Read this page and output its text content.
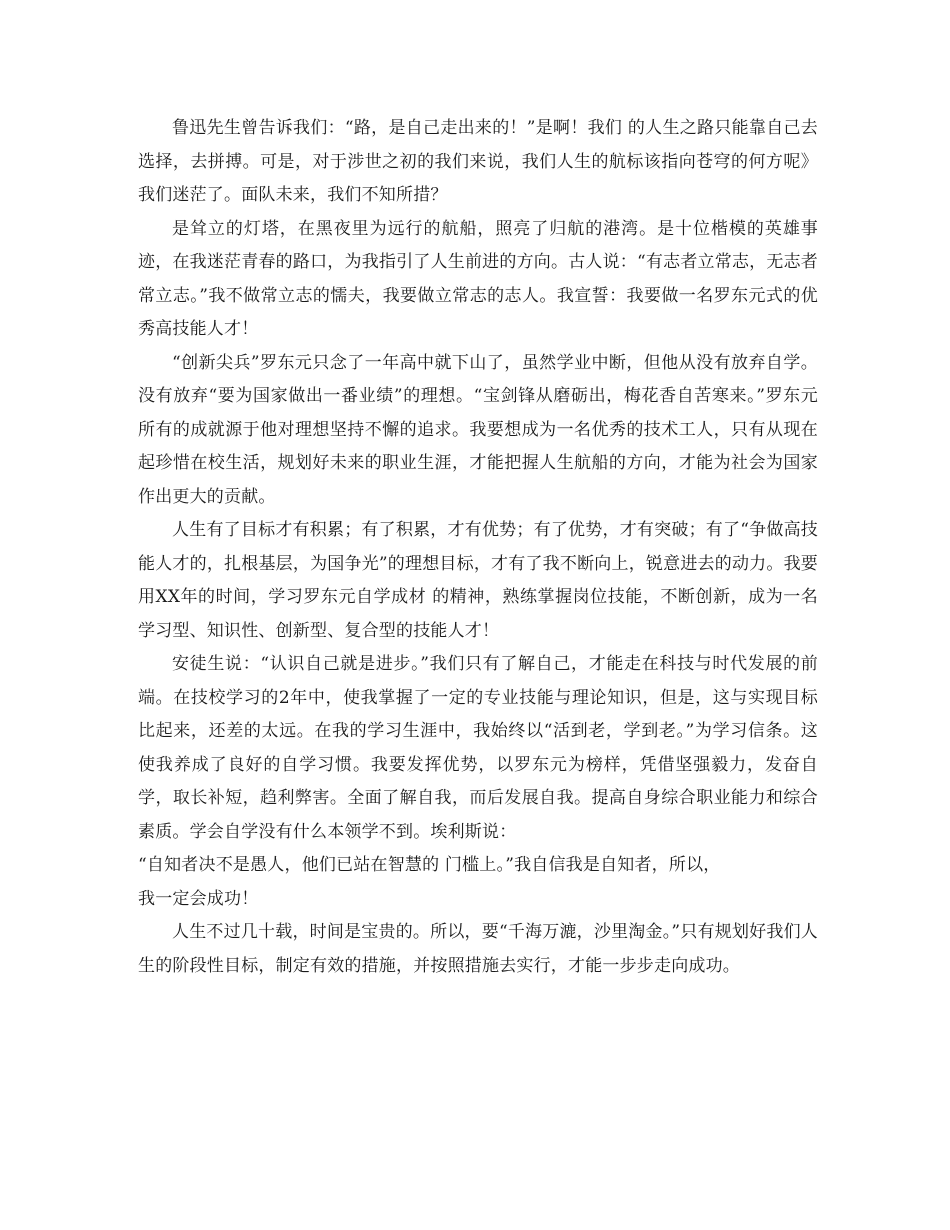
鲁迅先生曾告诉我们：“路，是自己走出来的！”是啊！我们 的人生之路只能靠自己去选择，去拼搏。可是，对于涉世之初的我们来说，我们人生的航标该指向苍穹的何方呢》我们迷茫了。面队未来，我们不知所措？

是耸立的灯塔，在黑夜里为远行的航船，照亮了归航的港湾。是十位楷模的英雄事迹，在我迷茫青春的路口，为我指引了人生前进的方向。古人说：“有志者立常志，无志者常立志。”我不做常立志的懦夫，我要做立常志的志人。我宣誓：我要做一名罗东元式的优秀高技能人才！

“创新尖兵”罗东元只念了一年高中就下山了，虽然学业中断，但他从没有放弃自学。没有放弃“要为国家做出一番业绩”的理想。“宝剑锋从磨砺出，梅花香自苦寒来。”罗东元所有的成就源于他对理想坚持不懈的追求。我要想成为一名优秀的技术工人，只有从现在起珍惜在校生活，规划好未来的职业生涯，才能把握人生航船的方向，才能为社会为国家作出更大的贡献。

人生有了目标才有积累；有了积累，才有优势；有了优势，才有突破；有了“争做高技能人才的，扎根基层，为国争光”的理想目标，才有了我不断向上，锐意进去的动力。我要用XX年的时间，学习罗东元自学成材 的精神，熟练掌握岗位技能，不断创新，成为一名学习型、知识性、创新型、复合型的技能人才！

安徒生说：“认识自己就是进步。”我们只有了解自己，才能走在科技与时代发展的前端。在技校学习的2年中，使我掌握了一定的专业技能与理论知识，但是，这与实现目标比起来，还差的太远。在我的学习生涯中，我始终以“活到老，学到老。”为学习信条。这使我养成了良好的自学习惯。我要发挥优势，以罗东元为榜样，凭借坚强毅力，发奋自学，取长补短，趋利弊害。全面了解自我，而后发展自我。提高自身综合职业能力和综合素质。学会自学没有什么本领学不到。埃利斯说：

“自知者决不是愚人，他们已站在智慧的 门槛上。”我自信我是自知者，所以，

我一定会成功！

人生不过几十载，时间是宝贵的。所以，要“千海万漉，沙里淘金。”只有规划好我们人生的阶段性目标，制定有效的措施，并按照措施去实行，才能一步步走向成功。
